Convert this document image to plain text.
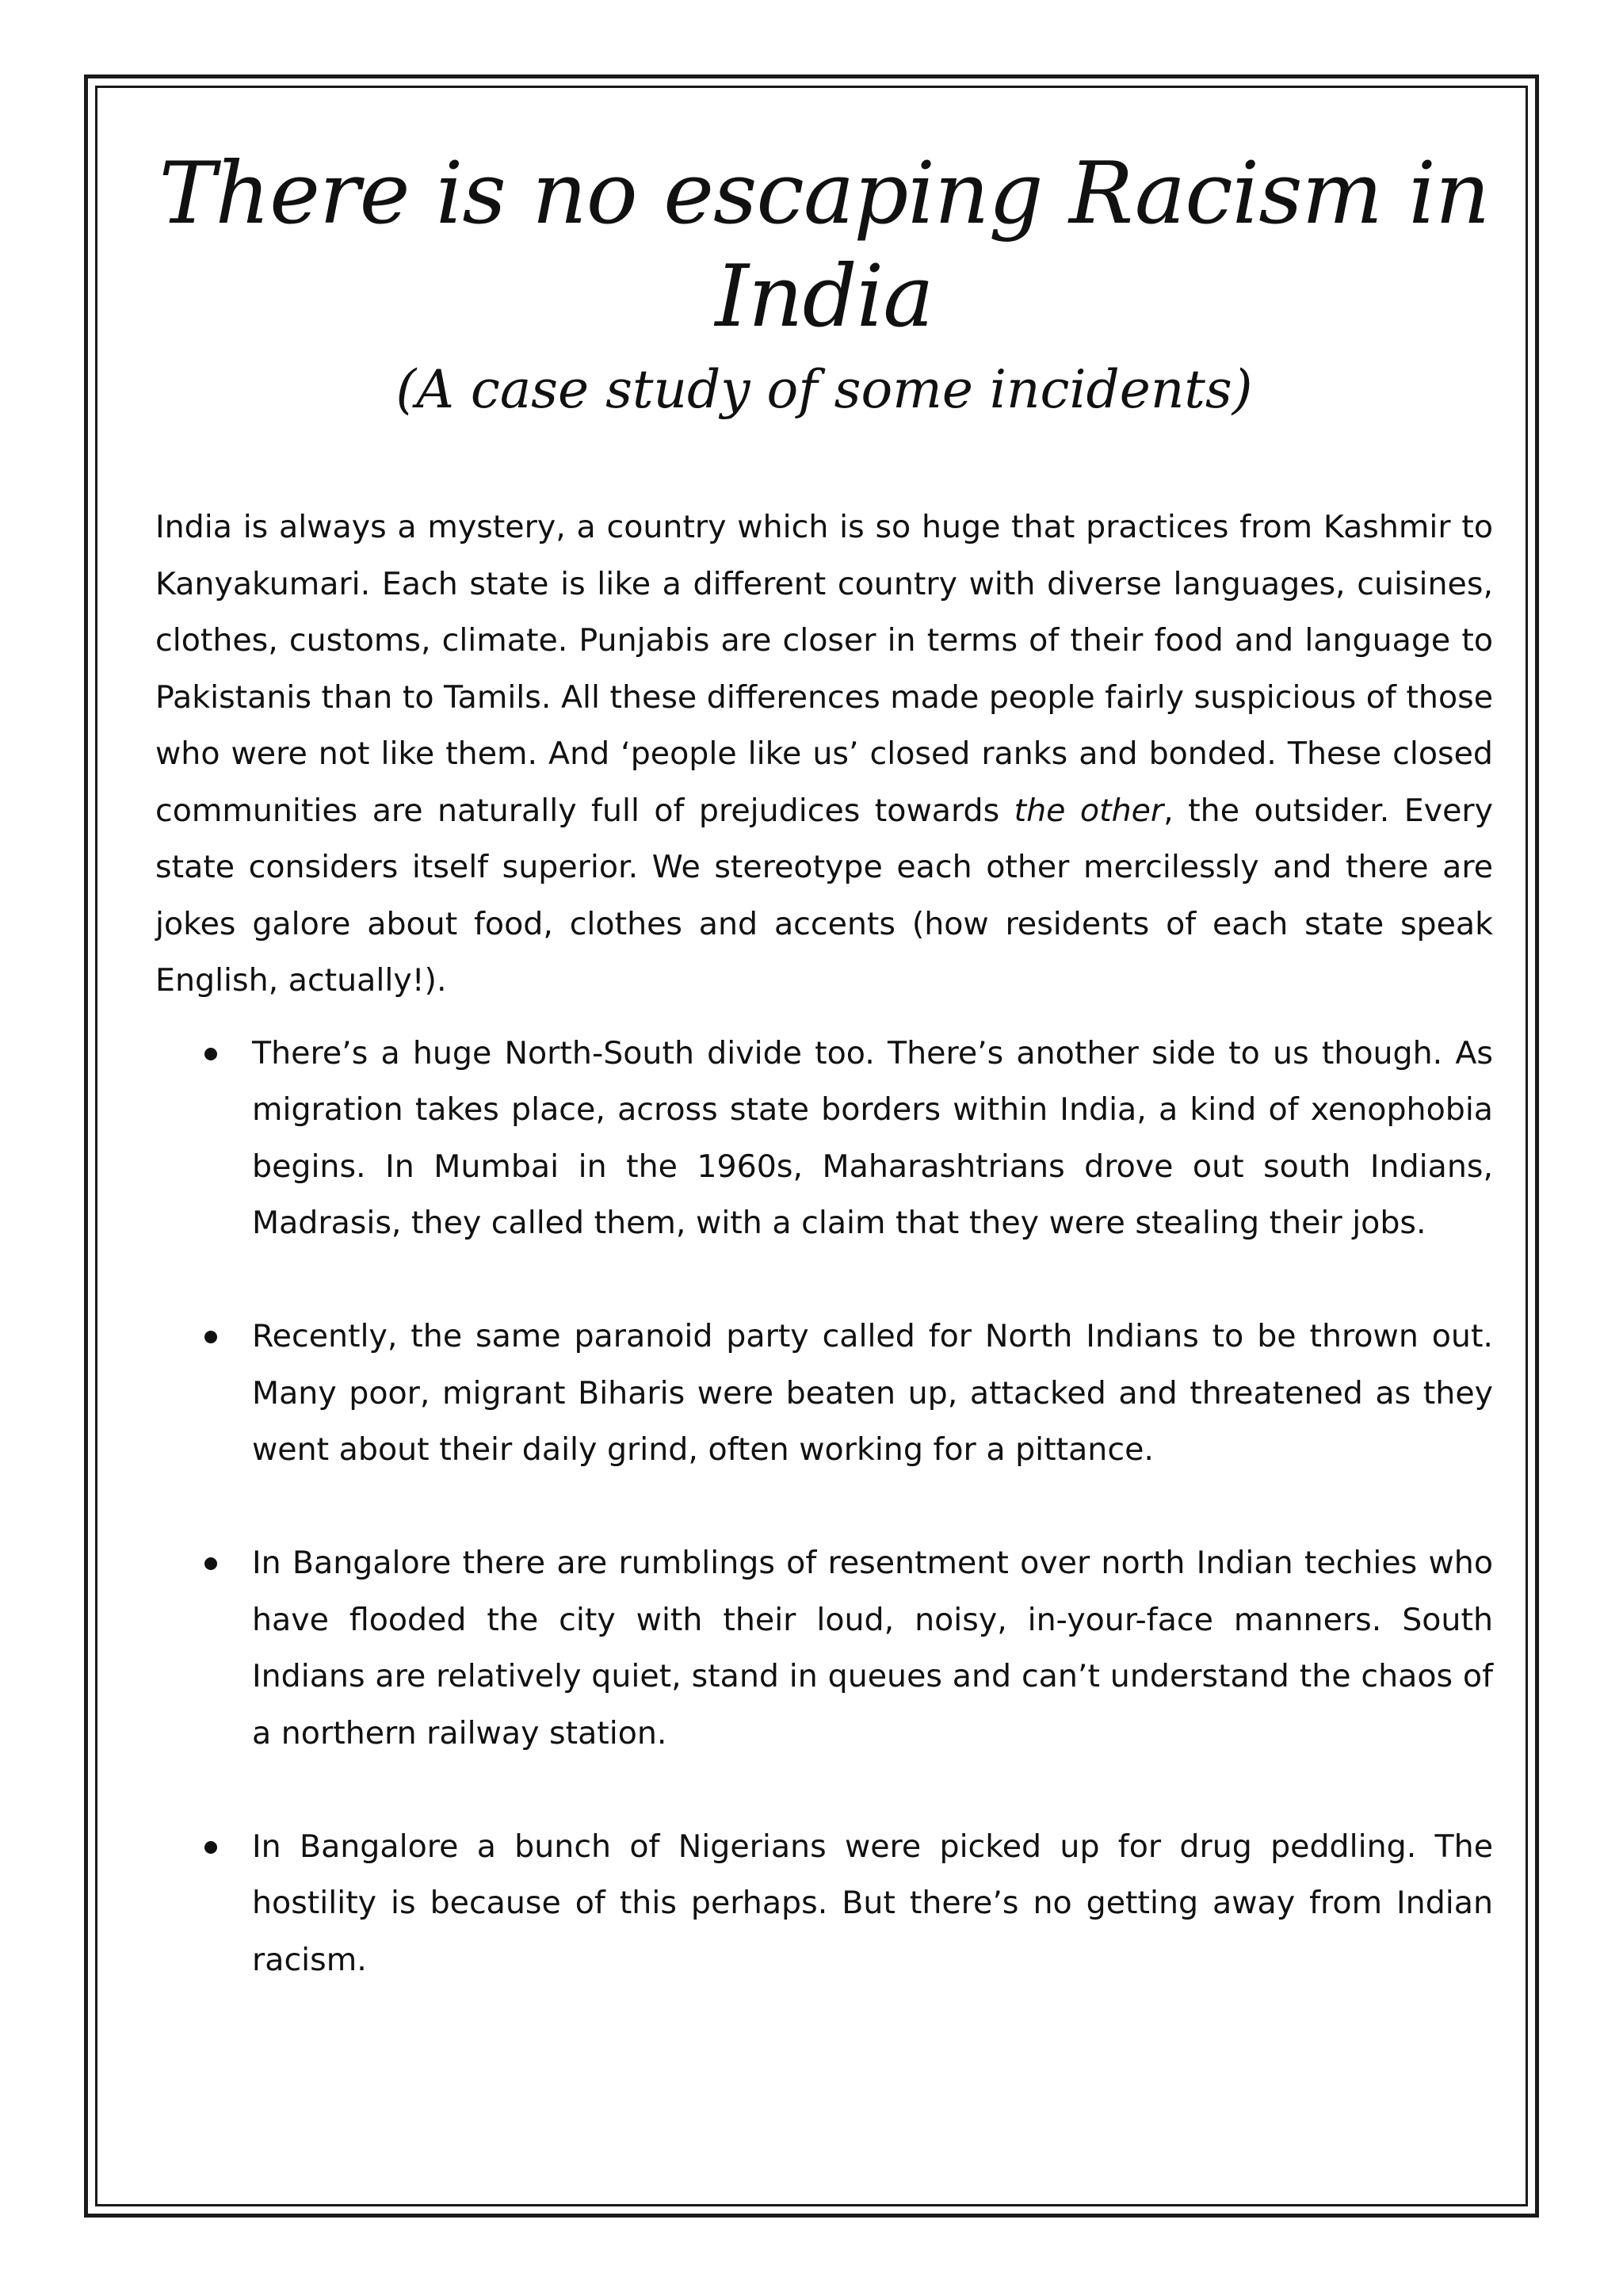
There is no escaping Racism in India
(A case study of some incidents)

India is always a mystery, a country which is so huge that practices from Kashmir to Kanyakumari. Each state is like a different country with diverse languages, cuisines, clothes, customs, climate. Punjabis are closer in terms of their food and language to Pakistanis than to Tamils. All these differences made people fairly suspicious of those who were not like them. And ‘people like us’ closed ranks and bonded. These closed communities are naturally full of prejudices towards the other, the outsider. Every state considers itself superior. We stereotype each other mercilessly and there are jokes galore about food, clothes and accents (how residents of each state speak English, actually!).

There’s a huge North-South divide too. There’s another side to us though. As migration takes place, across state borders within India, a kind of xenophobia begins. In Mumbai in the 1960s, Maharashtrians drove out south Indians, Madrasis, they called them, with a claim that they were stealing their jobs.
Recently, the same paranoid party called for North Indians to be thrown out. Many poor, migrant Biharis were beaten up, attacked and threatened as they went about their daily grind, often working for a pittance.
In Bangalore there are rumblings of resentment over north Indian techies who have flooded the city with their loud, noisy, in-your-face manners. South Indians are relatively quiet, stand in queues and can’t understand the chaos of a northern railway station.
In Bangalore a bunch of Nigerians were picked up for drug peddling. The hostility is because of this perhaps. But there’s no getting away from Indian racism.
